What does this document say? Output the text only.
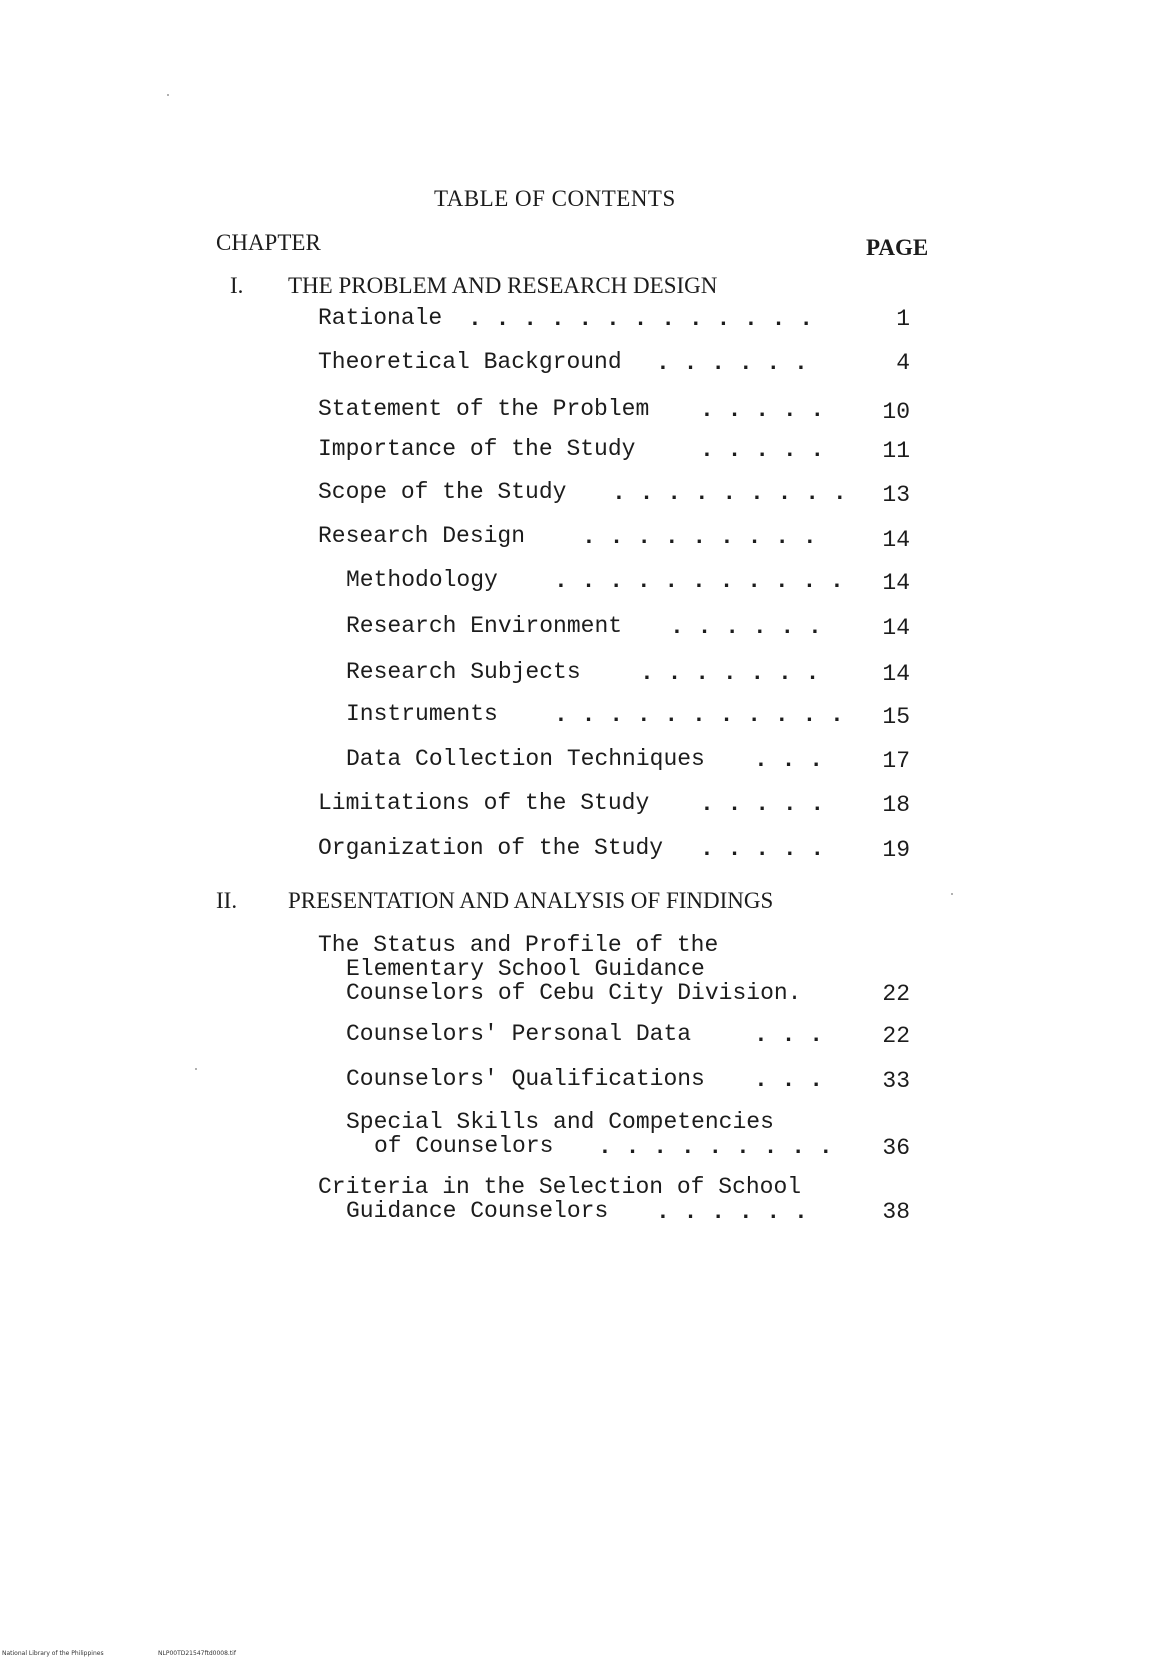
TABLE OF CONTENTS
CHAPTER	PAGE
I. THE PROBLEM AND RESEARCH DESIGN
Rationale . . . . . . . . . . . . .	1
Theoretical Background . . . . . .	4
Statement of the Problem . . . . .	10
Importance of the Study	. . . . .	11
Scope of the Study . . . . . . . . .	13
Research Design . . . . . . . . .	14
Methodology . . . . . . . . . . .	14
Research Environment . . . . . .	14
Research Subjects	. . . . . . .	14
Instruments . . . . . . . . . . .	15
Data Collection Techniques . . .	17
Limitations of the Study . . . . .	18
Organization of the Study . . . . .	19
II. PRESENTATION AND ANALYSIS OF FINDINGS
The Status and Profile of the
Elementary School Guidance
Counselors of Cebu City Division.	22
Counselors' Personal Data	. . .	22
Counselors' Qualifications . . .	33
Special Skills and Competencies
of Counselors . . . . . . . . .	36
Criteria in the Selection of School
Guidance Counselors . . . . . .	38
National Library of the Philippines	NLP00TD21547ftd0008.tif
